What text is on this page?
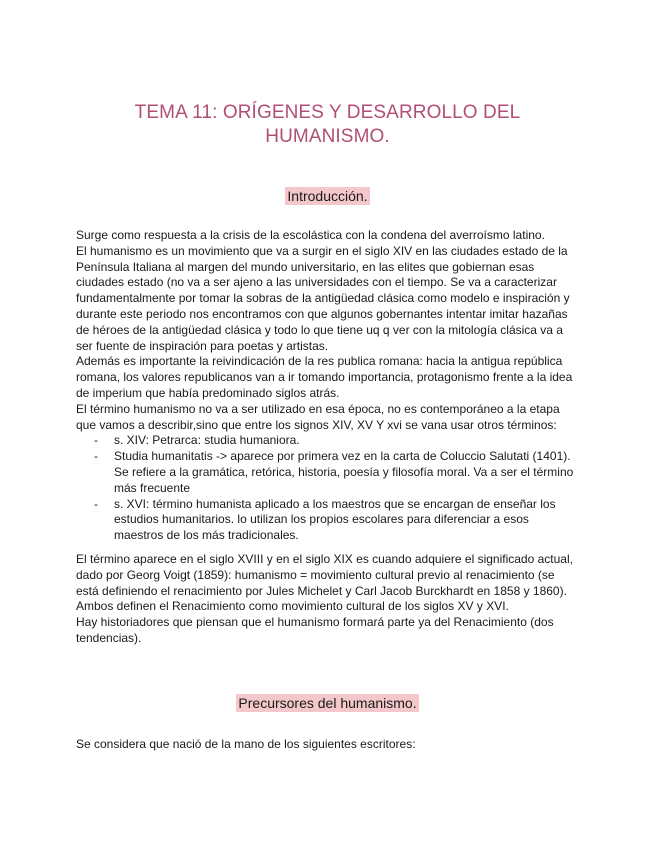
TEMA 11: ORÍGENES Y DESARROLLO DEL HUMANISMO.
Introducción.

Surge como respuesta a la crisis de la escolástica con la condena del averroísmo latino.

El humanismo es un movimiento que va a surgir en el siglo XIV en las ciudades estado de la Península Italiana al margen del mundo universitario, en las elites que gobiernan esas ciudades estado (no va a ser ajeno a las universidades con el tiempo. Se va a caracterizar fundamentalmente por tomar la sobras de la antigüedad clásica como modelo e inspiración y durante este periodo nos encontramos con que algunos gobernantes intentar imitar hazañas de héroes de la antigüedad clásica y todo lo que tiene uq q ver con la mitología clásica va a ser fuente de inspiración para poetas y artistas.

Además es importante la reivindicación de la res publica romana: hacia la antigua república romana, los valores republicanos van a ir tomando importancia, protagonismo frente a la idea de imperium que había predominado siglos atrás.

El término humanismo no va a ser utilizado en esa época, no es contemporáneo a la etapa que vamos a describir,sino que entre los signos XIV, XV Y xvi se vana usar otros términos:

- s. XIV: Petrarca: studia humaniora.
- Studia humanitatis -> aparece por primera vez en la carta de Coluccio Salutati (1401). Se refiere a la gramática, retórica, historia, poesía y filosofía moral. Va a ser el término más frecuente
- s. XVI: término humanista aplicado a los maestros que se encargan de enseñar los estudios humanitarios. lo utilizan los propios escolares para diferenciar a esos maestros de los más tradicionales.

El término aparece en el siglo XVIII y en el siglo XIX es cuando adquiere el significado actual, dado por Georg Voigt (1859): humanismo = movimiento cultural previo al renacimiento (se está definiendo el renacimiento por Jules Michelet y Carl Jacob Burckhardt en 1858 y 1860). Ambos definen el Renacimiento como movimiento cultural de los siglos XV y XVI.

Hay historiadores que piensan que el humanismo formará parte ya del Renacimiento (dos tendencias).

Precursores del humanismo.

Se considera que nació de la mano de los siguientes escritores:
